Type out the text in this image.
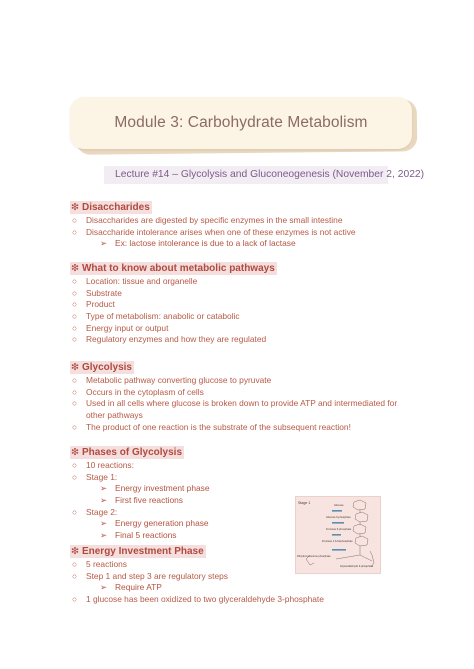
Module 3: Carbohydrate Metabolism
Lecture #14 – Glycolysis and Gluconeogenesis (November 2, 2022)
❇ Disaccharides
○ Disaccharides are digested by specific enzymes in the small intestine
○ Disaccharide intolerance arises when one of these enzymes is not active
➢ Ex: lactose intolerance is due to a lack of lactase
❇ What to know about metabolic pathways
○ Location: tissue and organelle
○ Substrate
○ Product
○ Type of metabolism: anabolic or catabolic
○ Energy input or output
○ Regulatory enzymes and how they are regulated
❇ Glycolysis
○ Metabolic pathway converting glucose to pyruvate
○ Occurs in the cytoplasm of cells
○ Used in all cells where glucose is broken down to provide ATP and intermediated for other pathways
○ The product of one reaction is the substrate of the subsequent reaction!
❇ Phases of Glycolysis
○ 10 reactions:
○ Stage 1:
➢ Energy investment phase
➢ First five reactions
○ Stage 2:
➢ Energy generation phase
➢ Final 5 reactions
❇ Energy Investment Phase
○ 5 reactions
○ Step 1 and step 3 are regulatory steps
➢ Require ATP
○ 1 glucose has been oxidized to two glyceraldehyde 3-phosphate
Stage 1
Glucose
Glucose 6-phosphate
Fructose 6-phosphate
Fructose 1,6-bisphosphate
Dihydroxyacetone phosphate
Glyceraldehyde 3-phosphate
